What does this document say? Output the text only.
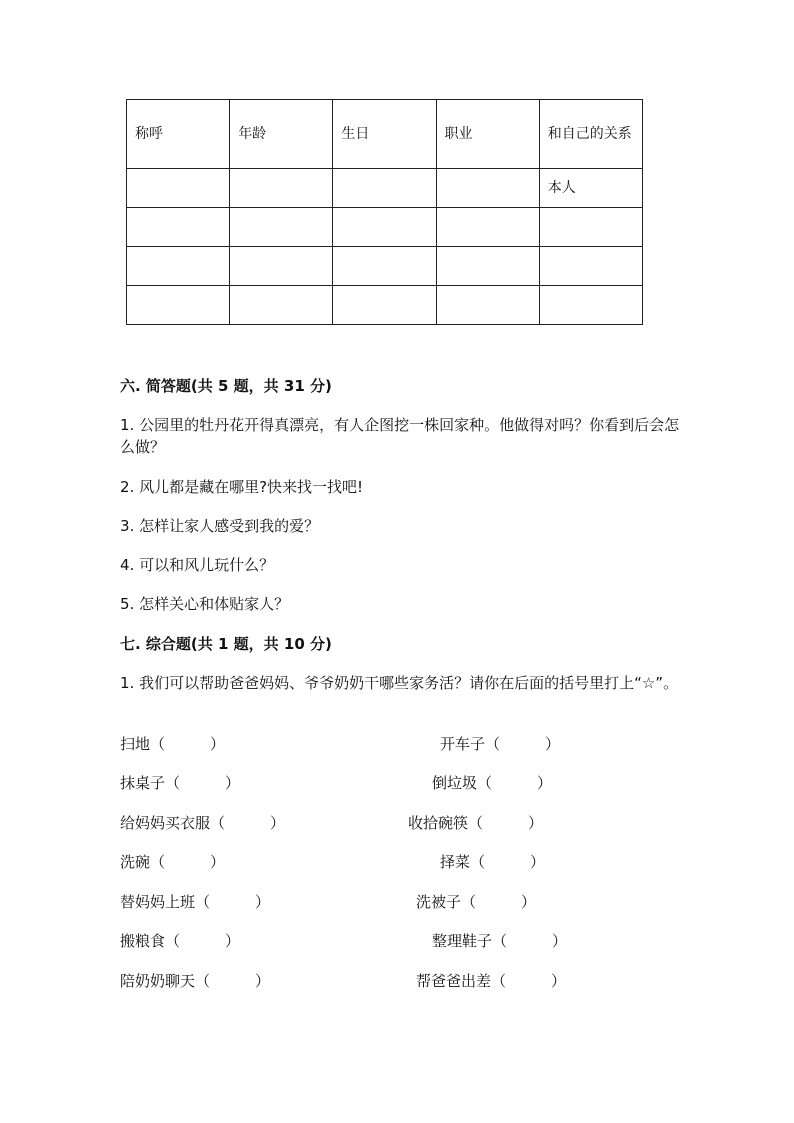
称呼	年龄	生日	职业	和自己的关系
				本人

六. 简答题(共 5 题，共 31 分)
1. 公园里的牡丹花开得真漂亮，有人企图挖一株回家种。他做得对吗？你看到后会怎么做？
2. 风儿都是藏在哪里?快来找一找吧!
3. 怎样让家人感受到我的爱？
4. 可以和风儿玩什么？
5. 怎样关心和体贴家人？
七. 综合题(共 1 题，共 10 分)
1. 我们可以帮助爸爸妈妈、爷爷奶奶干哪些家务活？请你在后面的括号里打上“☆”。
扫地（　　　）	开车子（　　　）
抹桌子（　　　）	倒垃圾（　　　）
给妈妈买衣服（　　　）	收拾碗筷（　　　）
洗碗（　　　）	择菜（　　　）
替妈妈上班（　　　）	洗被子（　　　）
搬粮食（　　　）	整理鞋子（　　　）
陪奶奶聊天（　　　）	帮爸爸出差（　　　）
